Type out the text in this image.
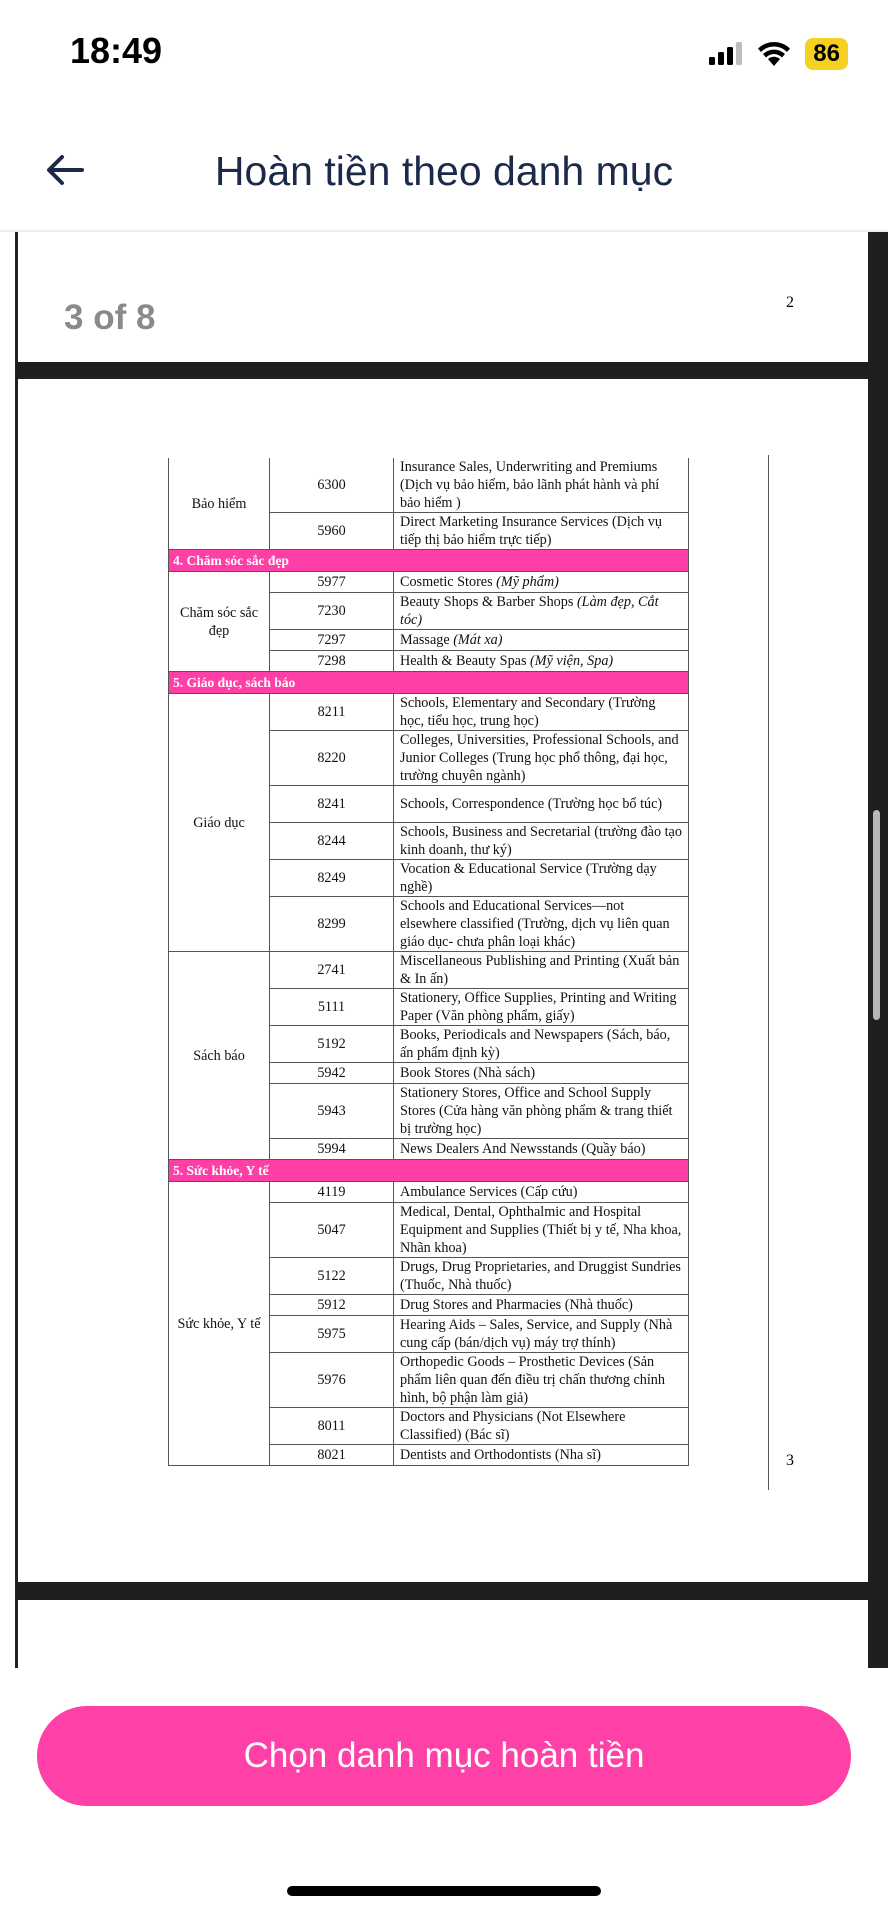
18:49	86
Hoàn tiền theo danh mục
3 of 8	2
3
Bảo hiểm	6300	Insurance Sales, Underwriting and Premiums (Dịch vụ bảo hiểm, bảo lãnh phát hành và phí bảo hiểm )
	5960	Direct Marketing Insurance Services (Dịch vụ tiếp thị bảo hiểm trực tiếp)
4. Chăm sóc sắc đẹp		
Chăm sóc sắc đẹp	5977	Cosmetic Stores (Mỹ phẩm)
	7230	Beauty Shops & Barber Shops (Làm đẹp, Cắt tóc)
	7297	Massage (Mát xa)
	7298	Health & Beauty Spas (Mỹ viện, Spa)
5. Giáo dục, sách báo		
Giáo dục	8211	Schools, Elementary and Secondary (Trường học, tiểu học, trung học)
	8220	Colleges, Universities, Professional Schools, and Junior Colleges (Trung học phổ thông, đại học, trường chuyên ngành)
	8241	Schools, Correspondence (Trường học bổ túc)
	8244	Schools, Business and Secretarial (trường đào tạo kinh doanh, thư ký)
	8249	Vocation & Educational Service (Trường dạy nghề)
	8299	Schools and Educational Services—not elsewhere classified (Trường, dịch vụ liên quan giáo dục- chưa phân loại khác)
Sách báo	2741	Miscellaneous Publishing and Printing (Xuất bản & In ấn)
	5111	Stationery, Office Supplies, Printing and Writing Paper (Văn phòng phẩm, giấy)
	5192	Books, Periodicals and Newspapers (Sách, báo, ấn phẩm định kỳ)
	5942	Book Stores (Nhà sách)
	5943	Stationery Stores, Office and School Supply Stores (Cửa hàng văn phòng phẩm & trang thiết bị trường học)
	5994	News Dealers And Newsstands (Quầy báo)
5. Sức khỏe, Y tế		
Sức khỏe, Y tế	4119	Ambulance Services (Cấp cứu)
	5047	Medical, Dental, Ophthalmic and Hospital Equipment and Supplies (Thiết bị y tế, Nha khoa, Nhãn khoa)
	5122	Drugs, Drug Proprietaries, and Druggist Sundries (Thuốc, Nhà thuốc)
	5912	Drug Stores and Pharmacies (Nhà thuốc)
	5975	Hearing Aids – Sales, Service, and Supply (Nhà cung cấp (bán/dịch vụ) máy trợ thính)
	5976	Orthopedic Goods – Prosthetic Devices (Sản phẩm liên quan đến điều trị chấn thương chỉnh hình, bộ phận làm giả)
	8011	Doctors and Physicians (Not Elsewhere Classified) (Bác sĩ)
	8021	Dentists and Orthodontists (Nha sĩ)
Chọn danh mục hoàn tiền
